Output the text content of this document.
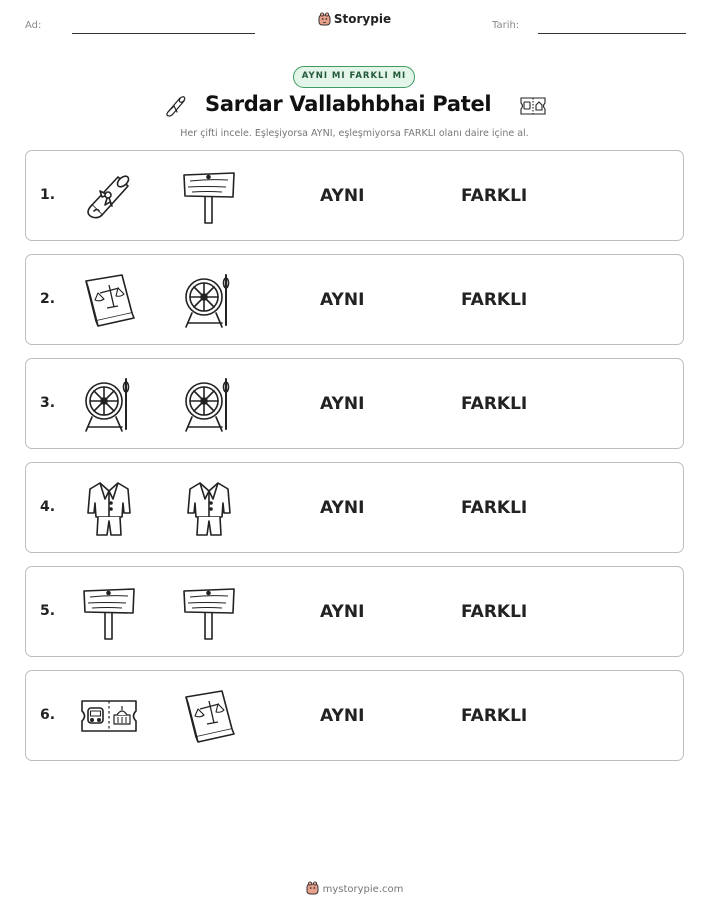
Ad:	Storypie	Tarih:
AYNI MI FARKLI MI
Sardar Vallabhbhai Patel
Her çifti incele. Eşleşiyorsa AYNI, eşleşmiyorsa FARKLI olanı daire içine al.
1.	AYNI	FARKLI
2.	AYNI	FARKLI
3.	AYNI	FARKLI
4.	AYNI	FARKLI
5.	AYNI	FARKLI
6.	AYNI	FARKLI
mystorypie.com
